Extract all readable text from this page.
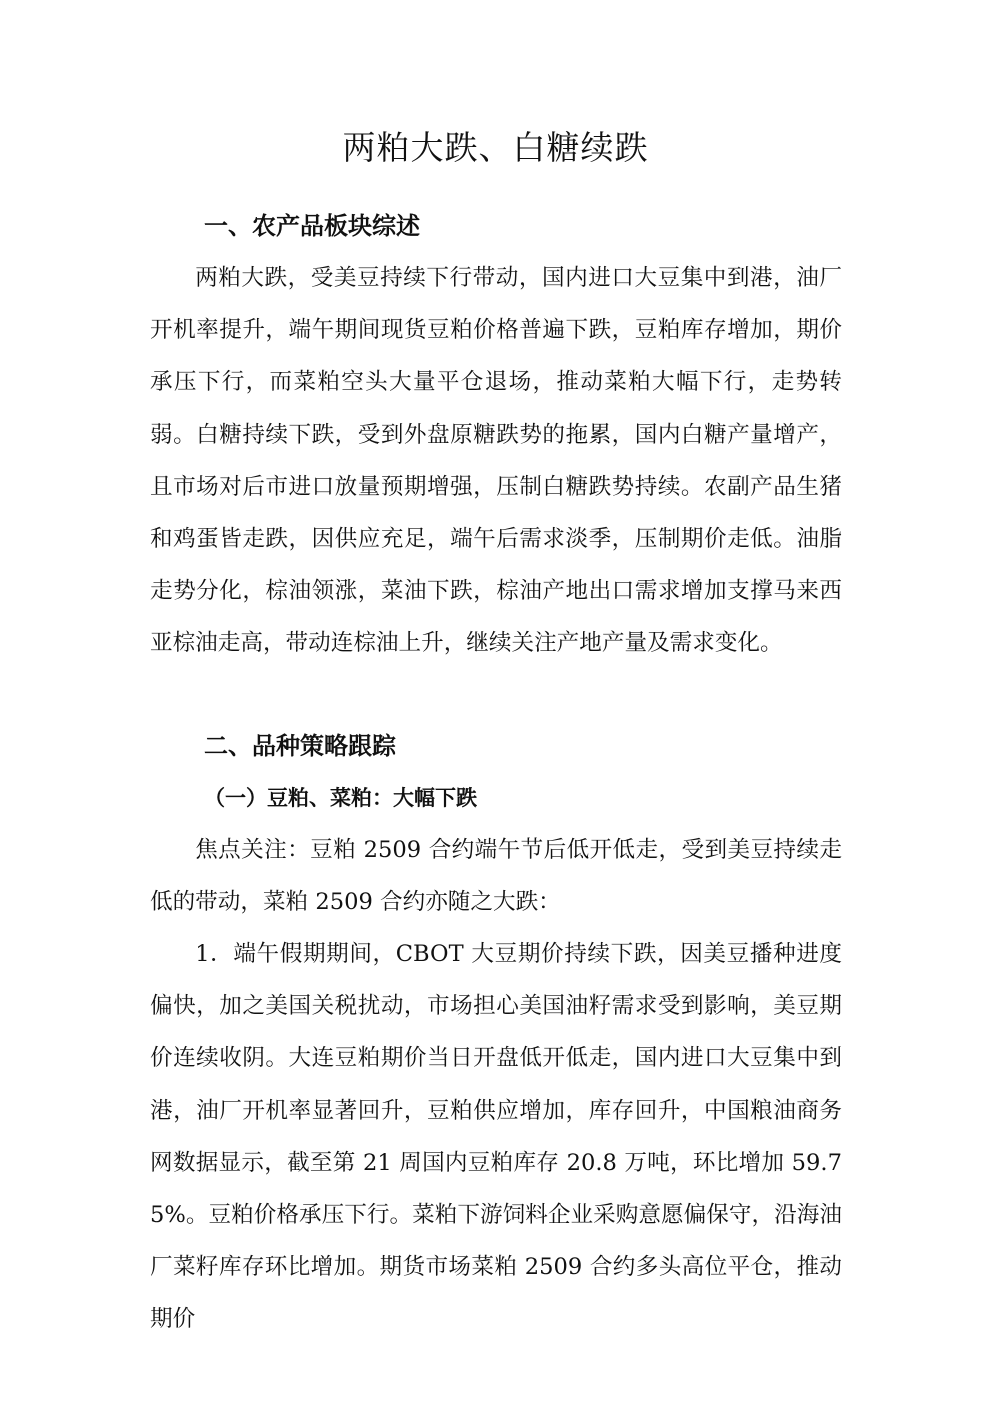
两粕大跌、白糖续跌
一、农产品板块综述

两粕大跌，受美豆持续下行带动，国内进口大豆集中到港，油厂开机率提升，端午期间现货豆粕价格普遍下跌，豆粕库存增加，期价承压下行，而菜粕空头大量平仓退场，推动菜粕大幅下行，走势转弱。白糖持续下跌，受到外盘原糖跌势的拖累，国内白糖产量增产，且市场对后市进口放量预期增强，压制白糖跌势持续。农副产品生猪和鸡蛋皆走跌，因供应充足，端午后需求淡季，压制期价走低。油脂走势分化，棕油领涨，菜油下跌，棕油产地出口需求增加支撑马来西亚棕油走高，带动连棕油上升，继续关注产地产量及需求变化。

二、品种策略跟踪
（一）豆粕、菜粕：大幅下跌

焦点关注：豆粕 2509 合约端午节后低开低走，受到美豆持续走低的带动，菜粕 2509 合约亦随之大跌：

1．端午假期期间，CBOT 大豆期价持续下跌，因美豆播种进度偏快，加之美国关税扰动，市场担心美国油籽需求受到影响，美豆期价连续收阴。大连豆粕期价当日开盘低开低走，国内进口大豆集中到港，油厂开机率显著回升，豆粕供应增加，库存回升，中国粮油商务网数据显示，截至第 21 周国内豆粕库存 20.8 万吨，环比增加 59.75%。豆粕价格承压下行。菜粕下游饲料企业采购意愿偏保守，沿海油厂菜籽库存环比增加。期货市场菜粕 2509 合约多头高位平仓，推动期价
